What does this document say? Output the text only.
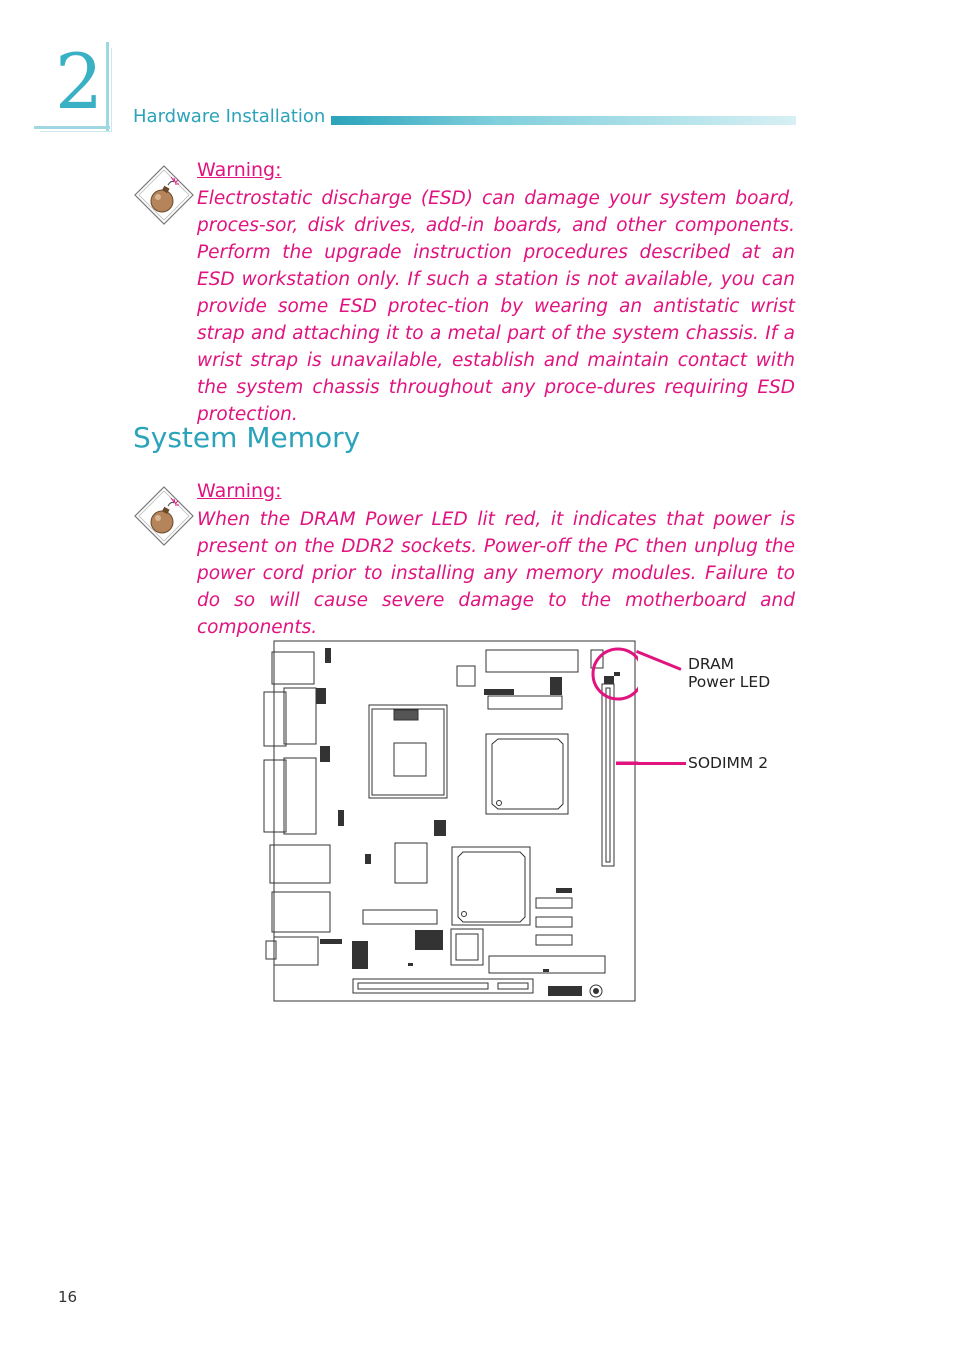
2	Hardware Installation
Warning:
Electrostatic discharge (ESD) can damage your system board, proces-sor, disk drives, add-in boards, and other components. Perform the upgrade instruction procedures described at an ESD workstation only. If such a station is not available, you can provide some ESD protec-tion by wearing an antistatic wrist strap and attaching it to a metal part of the system chassis. If a wrist strap is unavailable, establish and maintain contact with the system chassis throughout any proce-dures requiring ESD protection.
System Memory
Warning:
When the DRAM Power LED lit red, it indicates that power is present on the DDR2 sockets. Power-off the PC then unplug the power cord prior to installing any memory modules. Failure to do so will cause severe damage to the motherboard and components.
DRAM
Power LED
SODIMM 2
16
